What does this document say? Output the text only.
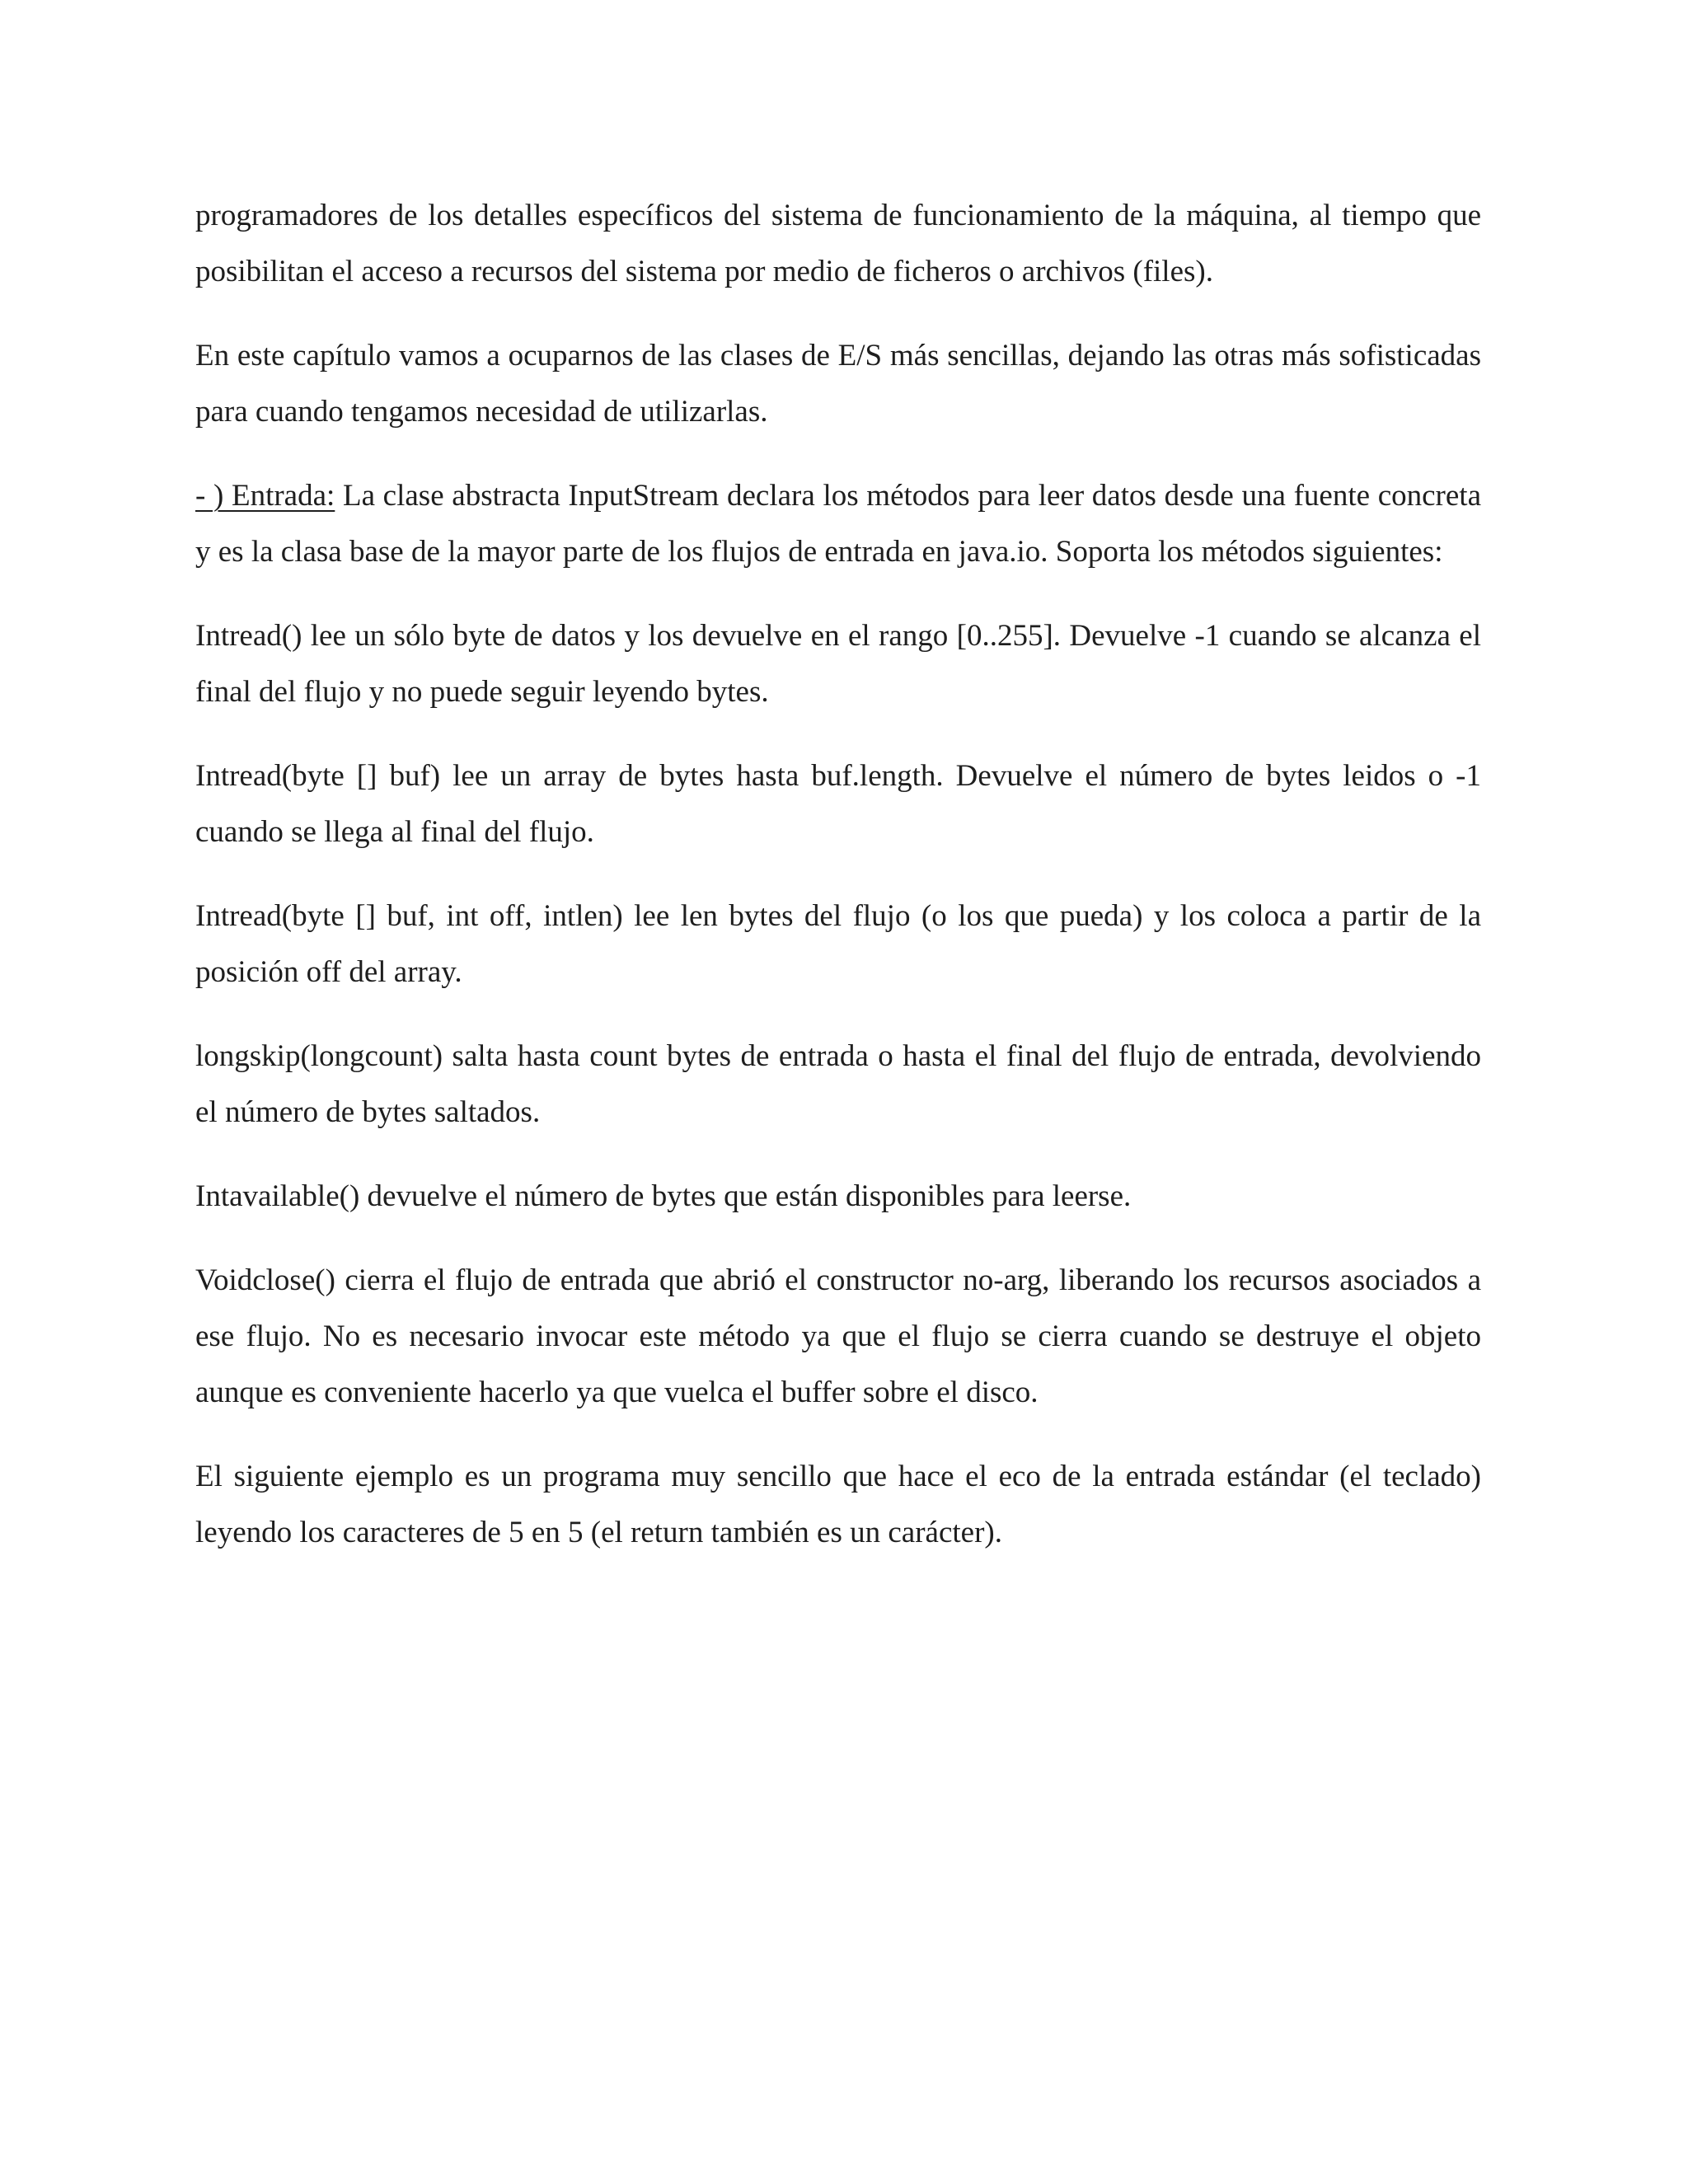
programadores de los detalles específicos del sistema de funcionamiento de la máquina, al tiempo que posibilitan el acceso a recursos del sistema por medio de ficheros o archivos (files).

En este capítulo vamos a ocuparnos de las clases de E/S más sencillas, dejando las otras más sofisticadas para cuando tengamos necesidad de utilizarlas.

- ) Entrada: La clase abstracta InputStream declara los métodos para leer datos desde una fuente concreta y es la clasa base de la mayor parte de los flujos de entrada en java.io. Soporta los métodos siguientes:

Intread() lee un sólo byte de datos y los devuelve en el rango [0..255]. Devuelve -1 cuando se alcanza el final del flujo y no puede seguir leyendo bytes.

Intread(byte [] buf) lee un array de bytes hasta buf.length. Devuelve el número de bytes leidos o -1 cuando se llega al final del flujo.

Intread(byte [] buf, int off, intlen) lee len bytes del flujo (o los que pueda) y los coloca a partir de la posición off del array.

longskip(longcount) salta hasta count bytes de entrada o hasta el final del flujo de entrada, devolviendo el número de bytes saltados.

Intavailable() devuelve el número de bytes que están disponibles para leerse.

Voidclose() cierra el flujo de entrada que abrió el constructor no-arg, liberando los recursos asociados a ese flujo. No es necesario invocar este método ya que el flujo se cierra cuando se destruye el objeto aunque es conveniente hacerlo ya que vuelca el buffer sobre el disco.

El siguiente ejemplo es un programa muy sencillo que hace el eco de la entrada estándar (el teclado) leyendo los caracteres de 5 en 5 (el return también es un carácter).
